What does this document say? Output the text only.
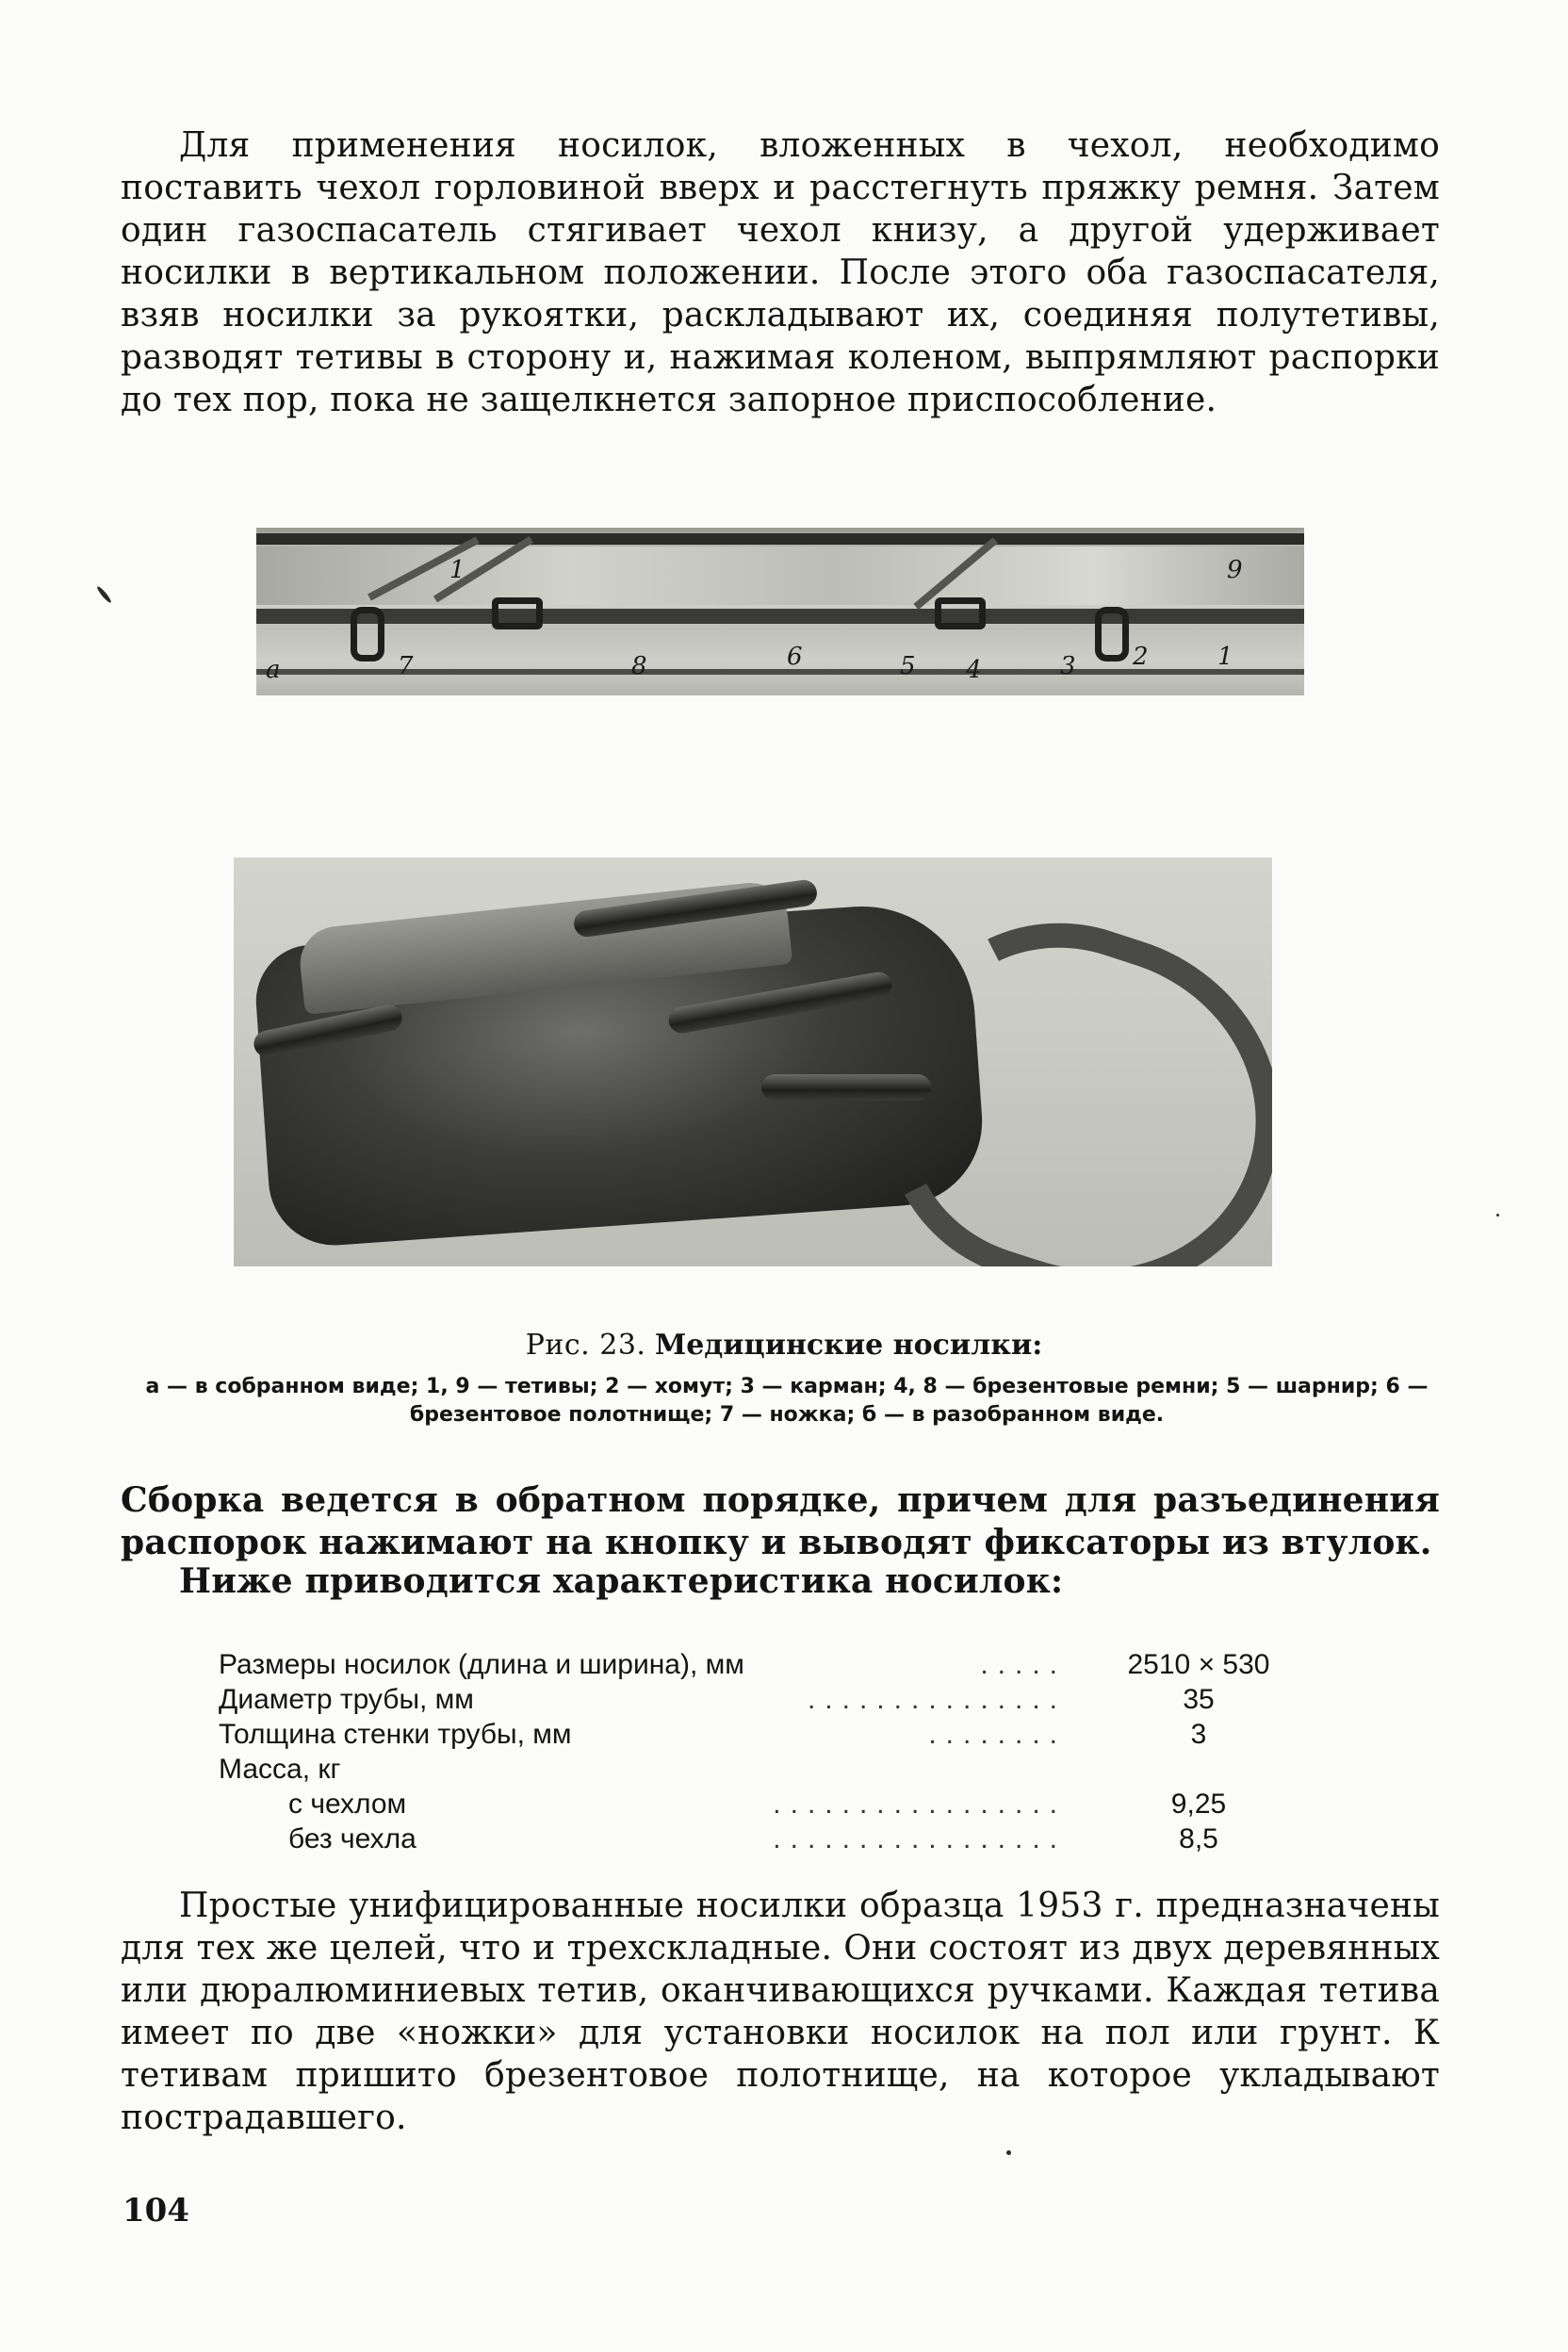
Для применения носилок, вложенных в чехол, необходимо поставить чехол горловиной вверх и расстегнуть пряжку ремня. Затем один газоспасатель стягивает чехол книзу, а другой удерживает носилки в вертикальном положении. После этого оба газоспасателя, взяв носилки за рукоятки, раскладывают их, соединяя полутетивы, разводят тетивы в сторону и, нажимая коленом, выпрямляют распорки до тех пор, пока не защелкнется запорное приспособление.

а	7	8	6	5 4	3 2	1
9
1

Рис. 23. Медицинские носилки:

а — в собранном виде; 1, 9 — тетивы; 2 — хомут; 3 — карман; 4, 8 — брезентовые ремни; 5 — шарнир; 6 — брезентовое полотнище; 7 — ножка; б — в разобранном виде.

Сборка ведется в обратном порядке, причем для разъединения распорок нажимают на кнопку и выводят фиксаторы из втулок.

Ниже приводится характеристика носилок:

Размеры носилок (длина и ширина), мм	.....	2510 × 530
Диаметр трубы, мм	...............	35
Толщина стенки трубы, мм	........	3
Масса, кг
с чехлом	.................	9,25
без чехла	.................	8,5

Простые унифицированные носилки образца 1953 г. предназначены для тех же целей, что и трехскладные. Они состоят из двух деревянных или дюралюминиевых тетив, оканчивающихся ручками. Каждая тетива имеет по две «ножки» для установки носилок на пол или грунт. К тетивам пришито брезентовое полотнище, на которое укладывают пострадавшего.

104
